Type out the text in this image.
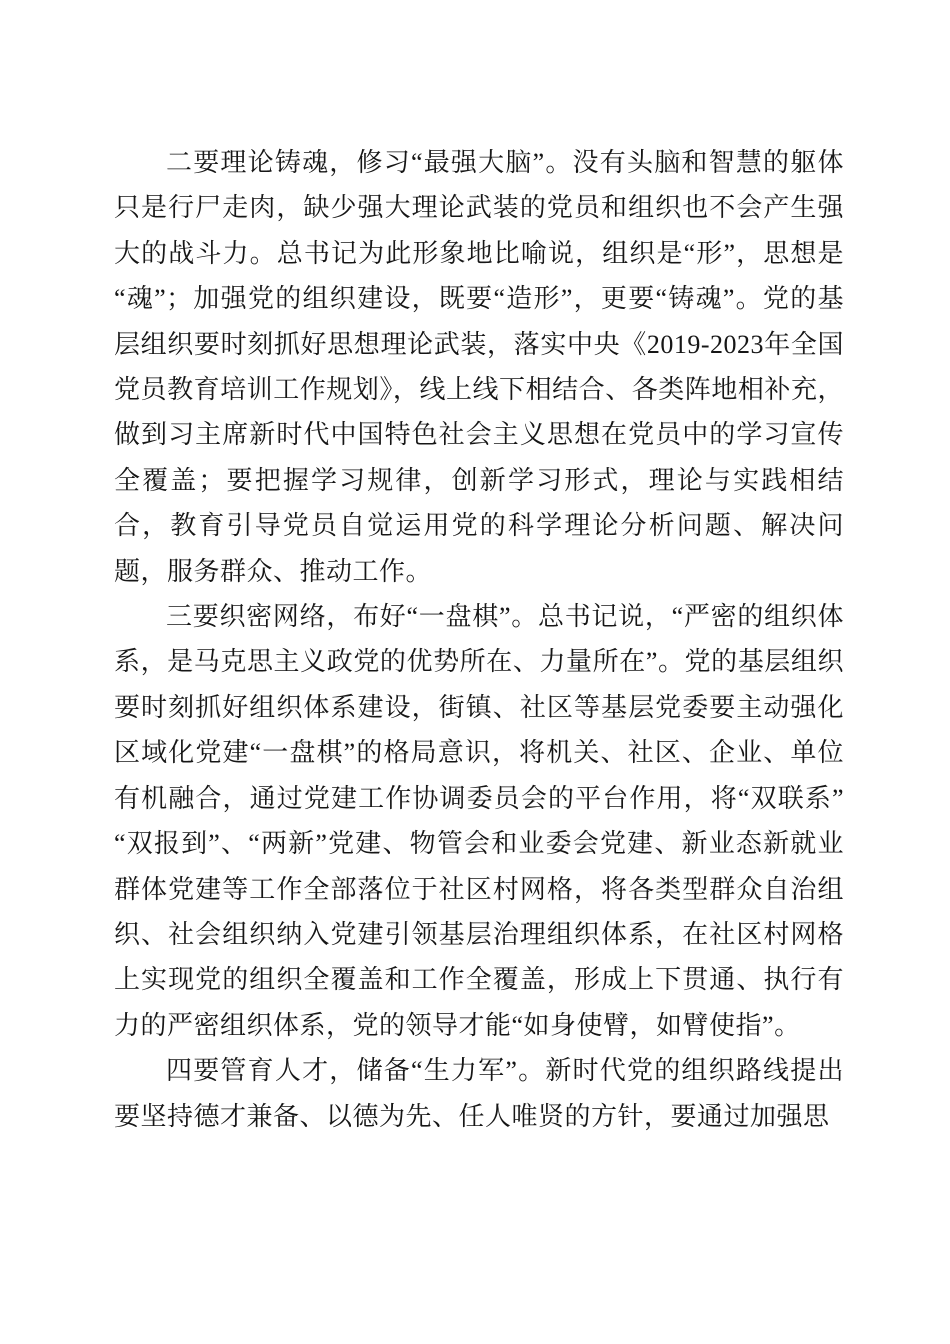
二要理论铸魂，修习“最强大脑”。没有头脑和智慧的躯体只是行尸走肉，缺少强大理论武装的党员和组织也不会产生强大的战斗力。总书记为此形象地比喻说，组织是“形”，思想是“魂”；加强党的组织建设，既要“造形”，更要“铸魂”。党的基层组织要时刻抓好思想理论武装，落实中央《2019-2023年全国党员教育培训工作规划》，线上线下相结合、各类阵地相补充，做到习主席新时代中国特色社会主义思想在党员中的学习宣传全覆盖；要把握学习规律，创新学习形式，理论与实践相结合，教育引导党员自觉运用党的科学理论分析问题、解决问题，服务群众、推动工作。

三要织密网络，布好“一盘棋”。总书记说，“严密的组织体系，是马克思主义政党的优势所在、力量所在”。党的基层组织要时刻抓好组织体系建设，街镇、社区等基层党委要主动强化区域化党建“一盘棋”的格局意识，将机关、社区、企业、单位有机融合，通过党建工作协调委员会的平台作用，将“双联系”“双报到”、“两新”党建、物管会和业委会党建、新业态新就业群体党建等工作全部落位于社区村网格，将各类型群众自治组织、社会组织纳入党建引领基层治理组织体系，在社区村网格上实现党的组织全覆盖和工作全覆盖，形成上下贯通、执行有力的严密组织体系，党的领导才能“如身使臂，如臂使指”。

四要管育人才，储备“生力军”。新时代党的组织路线提出要坚持德才兼备、以德为先、任人唯贤的方针，要通过加强思
